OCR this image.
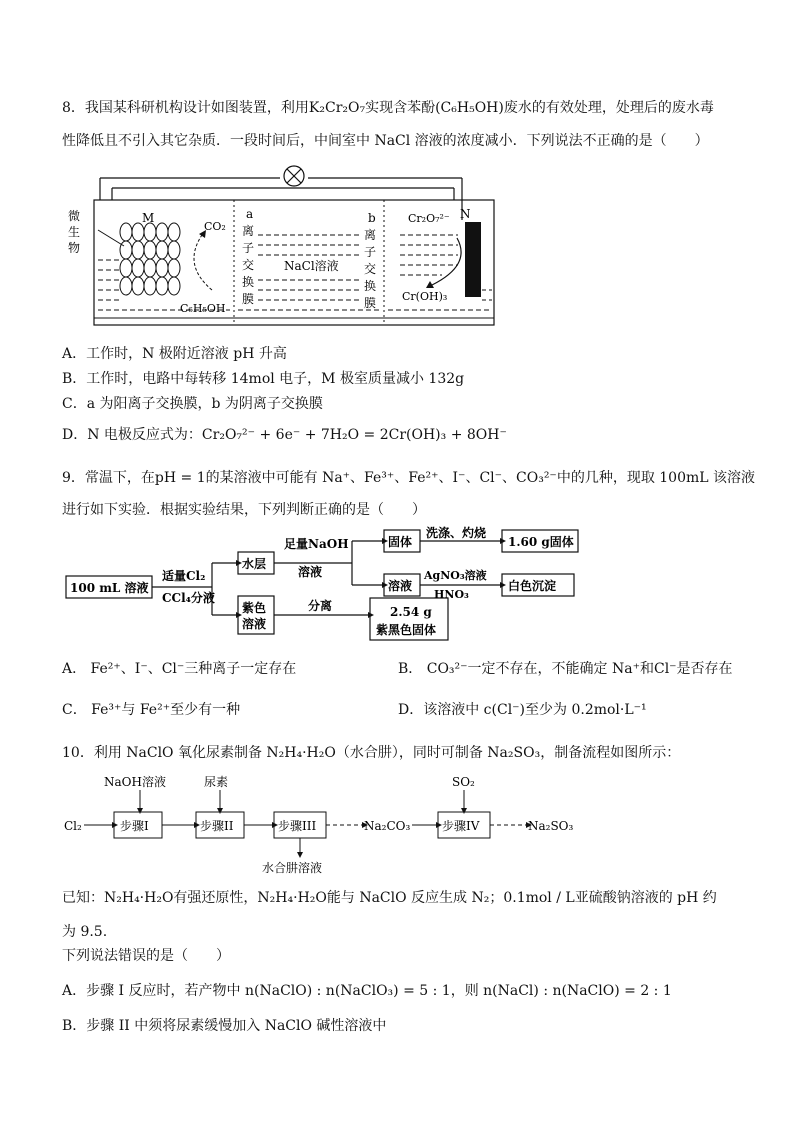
8．我国某科研机构设计如图装置，利用K₂Cr₂O₇实现含苯酚(C₆H₅OH)废水的有效处理，处理后的废水毒
性降低且不引入其它杂质．一段时间后，中间室中 NaCl 溶液的浓度减小．下列说法不正确的是（　　）
微
生
物
M	N
CO₂
C₆H₅OH
a
离
子
交
换
膜
b
离
子
交
换
膜
NaCl溶液
Cr₂O₇²⁻
Cr(OH)₃
A．工作时，N 极附近溶液 pH 升高
B．工作时，电路中每转移 14mol 电子，M 极室质量减小 132g
C．a 为阳离子交换膜，b 为阴离子交换膜
D．N 电极反应式为：Cr₂O₇²⁻ + 6e⁻ + 7H₂O = 2Cr(OH)₃ + 8OH⁻
9．常温下，在pH = 1的某溶液中可能有 Na⁺、Fe³⁺、Fe²⁺、I⁻、Cl⁻、CO₃²⁻中的几种，现取 100mL 该溶液
进行如下实验．根据实验结果，下列判断正确的是（　　）
100 mL 溶液
适量Cl₂
CCl₄分液
水层
紫色
溶液
足量NaOH
溶液
固体
洗涤、灼烧
1.60 g固体
溶液
AgNO₃溶液
HNO₃
白色沉淀
分离	2.54 g
紫黑色固体
A． Fe²⁺、I⁻、Cl⁻三种离子一定存在	B． CO₃²⁻一定不存在，不能确定 Na⁺和Cl⁻是否存在
C． Fe³⁺与 Fe²⁺至少有一种	D．该溶液中 c(Cl⁻)至少为 0.2mol·L⁻¹
10．利用 NaClO 氧化尿素制备 N₂H₄·H₂O（水合肼），同时可制备 Na₂SO₃，制备流程如图所示：
NaOH溶液	尿素	SO₂
Cl₂	步骤I	步骤II	步骤III	Na₂CO₃	步骤IV	Na₂SO₃
水合肼溶液
已知：N₂H₄·H₂O有强还原性，N₂H₄·H₂O能与 NaClO 反应生成 N₂；0.1mol / L亚硫酸钠溶液的 pH 约
为 9.5.
下列说法错误的是（　　）
A．步骤 I 反应时，若产物中 n(NaClO) : n(NaClO₃) = 5 : 1，则 n(NaCl) : n(NaClO) = 2 : 1
B．步骤 II 中须将尿素缓慢加入 NaClO 碱性溶液中
